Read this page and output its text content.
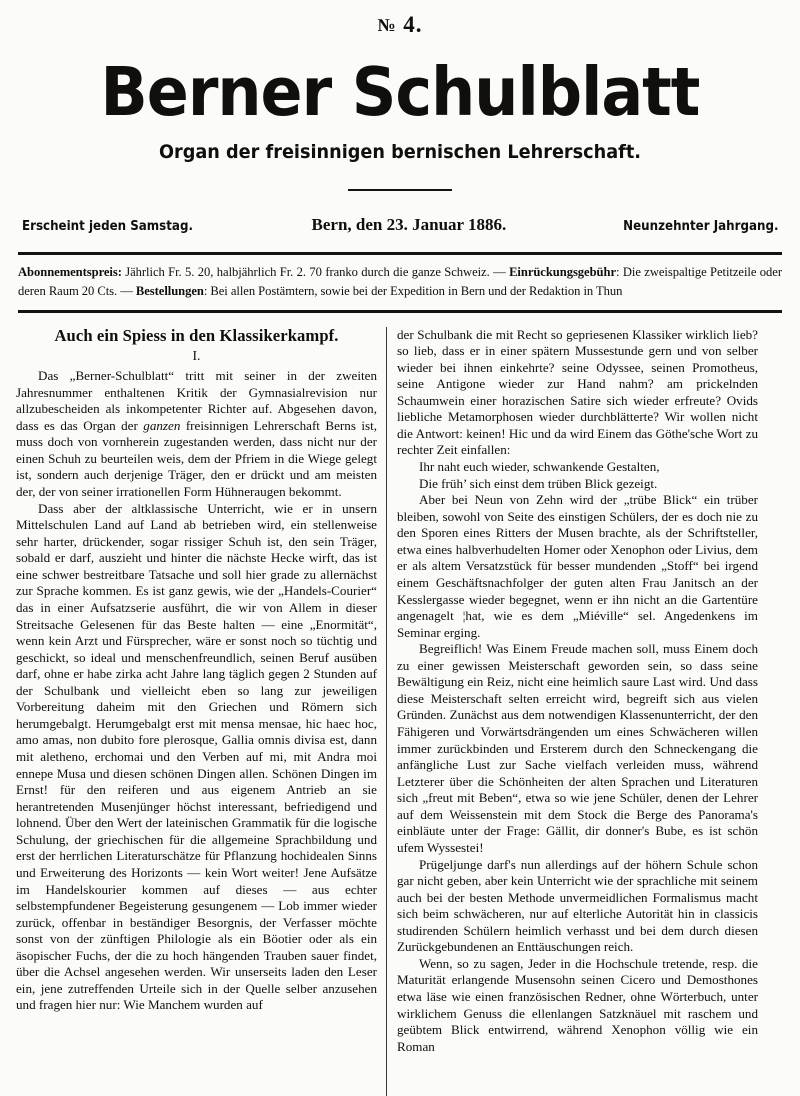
№ 4.
Berner Schulblatt
Organ der freisinnigen bernischen Lehrerschaft.
Erscheint jeden Samstag.	Bern, den 23. Januar 1886.	Neunzehnter Jahrgang.
Abonnementspreis: Jährlich Fr. 5. 20, halbjährlich Fr. 2. 70 franko durch die ganze Schweiz. — Einrückungsgebühr: Die zweispaltige Petitzeile oder deren Raum 20 Cts. — Bestellungen: Bei allen Postämtern, sowie bei der Expedition in Bern und der Redaktion in Thun
Auch ein Spiess in den Klassikerkampf.
I.

Das „Berner-Schulblatt“ tritt mit seiner in der zweiten Jahresnummer enthaltenen Kritik der Gymnasialrevision nur allzubescheiden als inkompetenter Richter auf. Abgesehen davon, dass es das Organ der ganzen freisinnigen Lehrerschaft Berns ist, muss doch von vornherein zugestanden werden, dass nicht nur der einen Schuh zu beurteilen weis, dem der Pfriem in die Wiege gelegt ist, sondern auch derjenige Träger, den er drückt und am meisten der, der von seiner irrationellen Form Hühneraugen bekommt.

Dass aber der altklassische Unterricht, wie er in unsern Mittelschulen Land auf Land ab betrieben wird, ein stellenweise sehr harter, drückender, sogar rissiger Schuh ist, den sein Träger, sobald er darf, auszieht und hinter die nächste Hecke wirft, das ist eine schwer bestreitbare Tatsache und soll hier grade zu allernächst zur Sprache kommen. Es ist ganz gewis, wie der „Handels-Courier“ das in einer Aufsatzserie ausführt, die wir von Allem in dieser Streitsache Gelesenen für das Beste halten — eine „Enormität“, wenn kein Arzt und Fürsprecher, wäre er sonst noch so tüchtig und geschickt, so ideal und menschenfreundlich, seinen Beruf ausüben darf, ohne er habe zirka acht Jahre lang täglich gegen 2 Stunden auf der Schulbank und vielleicht eben so lang zur jeweiligen Vorbereitung daheim mit den Griechen und Römern sich herumgebalgt. Herumgebalgt erst mit mensa mensae, hic haec hoc, amo amas, non dubito fore plerosque, Gallia omnis divisa est, dann mit aletheno, erchomai und den Verben auf mi, mit Andra moi ennepe Musa und diesen schönen Dingen allen. Schönen Dingen im Ernst! für den reiferen und aus eigenem Antrieb an sie herantretenden Musenjünger höchst interessant, befriedigend und lohnend. Über den Wert der lateinischen Grammatik für die logische Schulung, der griechischen für die allgemeine Sprachbildung und erst der herrlichen Literaturschätze für Pflanzung hochidealen Sinns und Erweiterung des Horizonts — kein Wort weiter! Jene Aufsätze im Handelskourier kommen auf dieses — aus echter selbstempfundener Begeisterung gesungenem — Lob immer wieder zurück, offenbar in beständiger Besorgnis, der Verfasser möchte sonst von der zünftigen Philologie als ein Böotier oder als ein äsopischer Fuchs, der die zu hoch hängenden Trauben sauer findet, über die Achsel angesehen werden. Wir unserseits laden den Leser ein, jene zutreffenden Urteile sich in der Quelle selber anzusehen und fragen hier nur: Wie Manchem wurden auf

der Schulbank die mit Recht so gepriesenen Klassiker wirklich lieb? so lieb, dass er in einer spätern Mussestunde gern und von selber wieder bei ihnen einkehrte? seine Odyssee, seinen Promotheus, seine Antigone wieder zur Hand nahm? am prickelnden Schaumwein einer horazischen Satire sich wieder erfreute? Ovids liebliche Metamorphosen wieder durchblätterte? Wir wollen nicht die Antwort: keinen! Hic und da wird Einem das Göthe'sche Wort zu rechter Zeit einfallen:

Ihr naht euch wieder, schwankende Gestalten,

Die früh’ sich einst dem trüben Blick gezeigt.

Aber bei Neun von Zehn wird der „trübe Blick“ ein trüber bleiben, sowohl von Seite des einstigen Schülers, der es doch nie zu den Sporen eines Ritters der Musen brachte, als der Schriftsteller, etwa eines halbverhudelten Homer oder Xenophon oder Livius, dem er als altem Versatzstück für besser mundenden „Stoff“ bei irgend einem Geschäftsnachfolger der guten alten Frau Janitsch an der Kesslergasse wieder begegnet, wenn er ihn nicht an die Gartentüre angenagelt ¦hat, wie es dem „Miéville“ sel. Angedenkens im Seminar erging.

Begreiflich! Was Einem Freude machen soll, muss Einem doch zu einer gewissen Meisterschaft geworden sein, so dass seine Bewältigung ein Reiz, nicht eine heimlich saure Last wird. Und dass diese Meisterschaft selten erreicht wird, begreift sich aus vielen Gründen. Zunächst aus dem notwendigen Klassenunterricht, der den Fähigeren und Vorwärtsdrängenden um eines Schwächeren willen immer zurückbinden und Ersterem durch den Schneckengang die anfängliche Lust zur Sache vielfach verleiden muss, während Letzterer über die Schönheiten der alten Sprachen und Literaturen sich „freut mit Beben“, etwa so wie jene Schüler, denen der Lehrer auf dem Weissenstein mit dem Stock die Berge des Panorama's einbläute unter der Frage: Gällit, dir donner's Bube, es ist schön ufem Wyssestei!

Prügeljunge darf's nun allerdings auf der höhern Schule schon gar nicht geben, aber kein Unterricht wie der sprachliche mit seinem auch bei der besten Methode unvermeidlichen Formalismus macht sich beim schwächeren, nur auf elterliche Autorität hin in classicis studirenden Schülern heimlich verhasst und bei dem durch diesen Zurückgebundenen an Enttäuschungen reich.

Wenn, so zu sagen, Jeder in die Hochschule tretende, resp. die Maturität erlangende Musensohn seinen Cicero und Demosthones etwa läse wie einen französischen Redner, ohne Wörterbuch, unter wirklichem Genuss die ellenlangen Satzknäuel mit raschem und geübtem Blick entwirrend, während Xenophon völlig wie ein Roman
